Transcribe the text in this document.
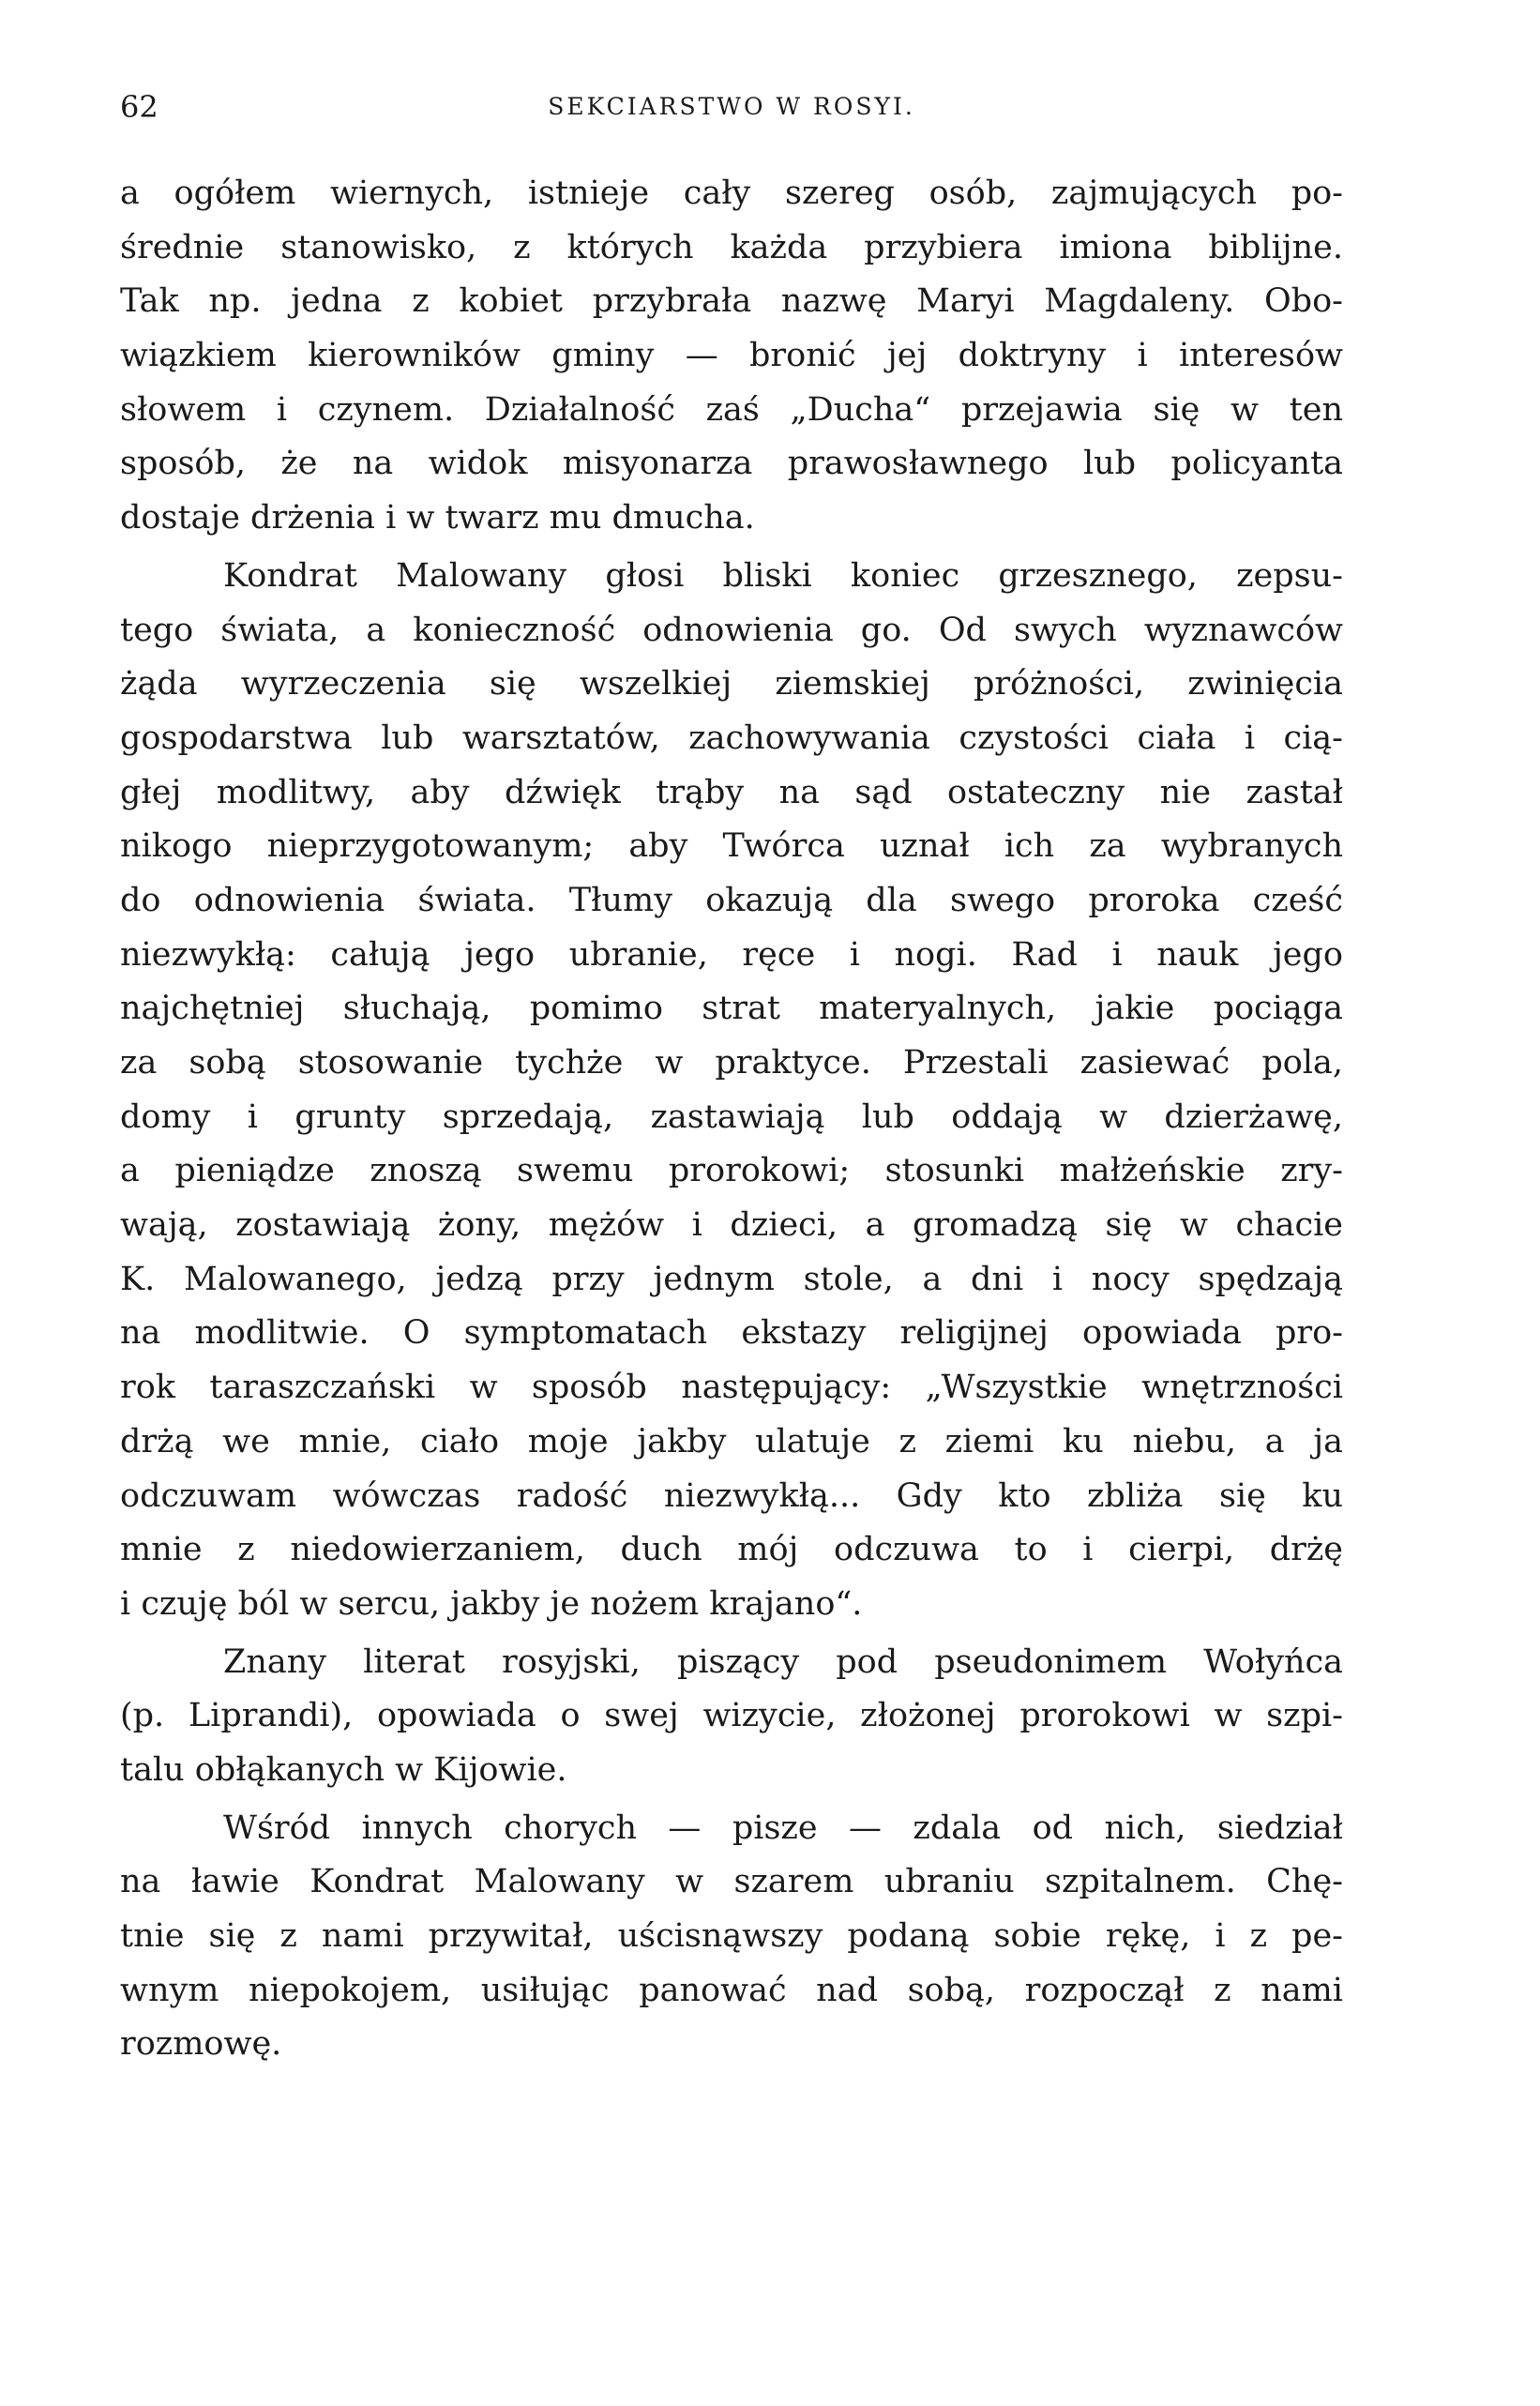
62	SEKCIARSTWO W ROSYI.
a ogółem wiernych, istnieje cały szereg osób, zajmujących po-
średnie stanowisko, z których każda przybiera imiona biblijne.
Tak np. jedna z kobiet przybrała nazwę Maryi Magdaleny. Obo-
wiązkiem kierowników gminy — bronić jej doktryny i interesów
słowem i czynem. Działalność zaś „Ducha“ przejawia się w ten
sposób, że na widok misyonarza prawosławnego lub policyanta
dostaje drżenia i w twarz mu dmucha.
Kondrat Malowany głosi bliski koniec grzesznego, zepsu-
tego świata, a konieczność odnowienia go. Od swych wyznawców
żąda wyrzeczenia się wszelkiej ziemskiej próżności, zwinięcia
gospodarstwa lub warsztatów, zachowywania czystości ciała i cią-
głej modlitwy, aby dźwięk trąby na sąd ostateczny nie zastał
nikogo nieprzygotowanym; aby Twórca uznał ich za wybranych
do odnowienia świata. Tłumy okazują dla swego proroka cześć
niezwykłą: całują jego ubranie, ręce i nogi. Rad i nauk jego
najchętniej słuchają, pomimo strat materyalnych, jakie pociąga
za sobą stosowanie tychże w praktyce. Przestali zasiewać pola,
domy i grunty sprzedają, zastawiają lub oddają w dzierżawę,
a pieniądze znoszą swemu prorokowi; stosunki małżeńskie zry-
wają, zostawiają żony, mężów i dzieci, a gromadzą się w chacie
K. Malowanego, jedzą przy jednym stole, a dni i nocy spędzają
na modlitwie. O symptomatach ekstazy religijnej opowiada pro-
rok taraszczański w sposób następujący: „Wszystkie wnętrzności
drżą we mnie, ciało moje jakby ulatuje z ziemi ku niebu, a ja
odczuwam wówczas radość niezwykłą... Gdy kto zbliża się ku
mnie z niedowierzaniem, duch mój odczuwa to i cierpi, drżę
i czuję ból w sercu, jakby je nożem krajano“.
Znany literat rosyjski, piszący pod pseudonimem Wołyńca
(p. Liprandi), opowiada o swej wizycie, złożonej prorokowi w szpi-
talu obłąkanych w Kijowie.
Wśród innych chorych — pisze — zdala od nich, siedział
na ławie Kondrat Malowany w szarem ubraniu szpitalnem. Chę-
tnie się z nami przywitał, uścisnąwszy podaną sobie rękę, i z pe-
wnym niepokojem, usiłując panować nad sobą, rozpoczął z nami
rozmowę.
